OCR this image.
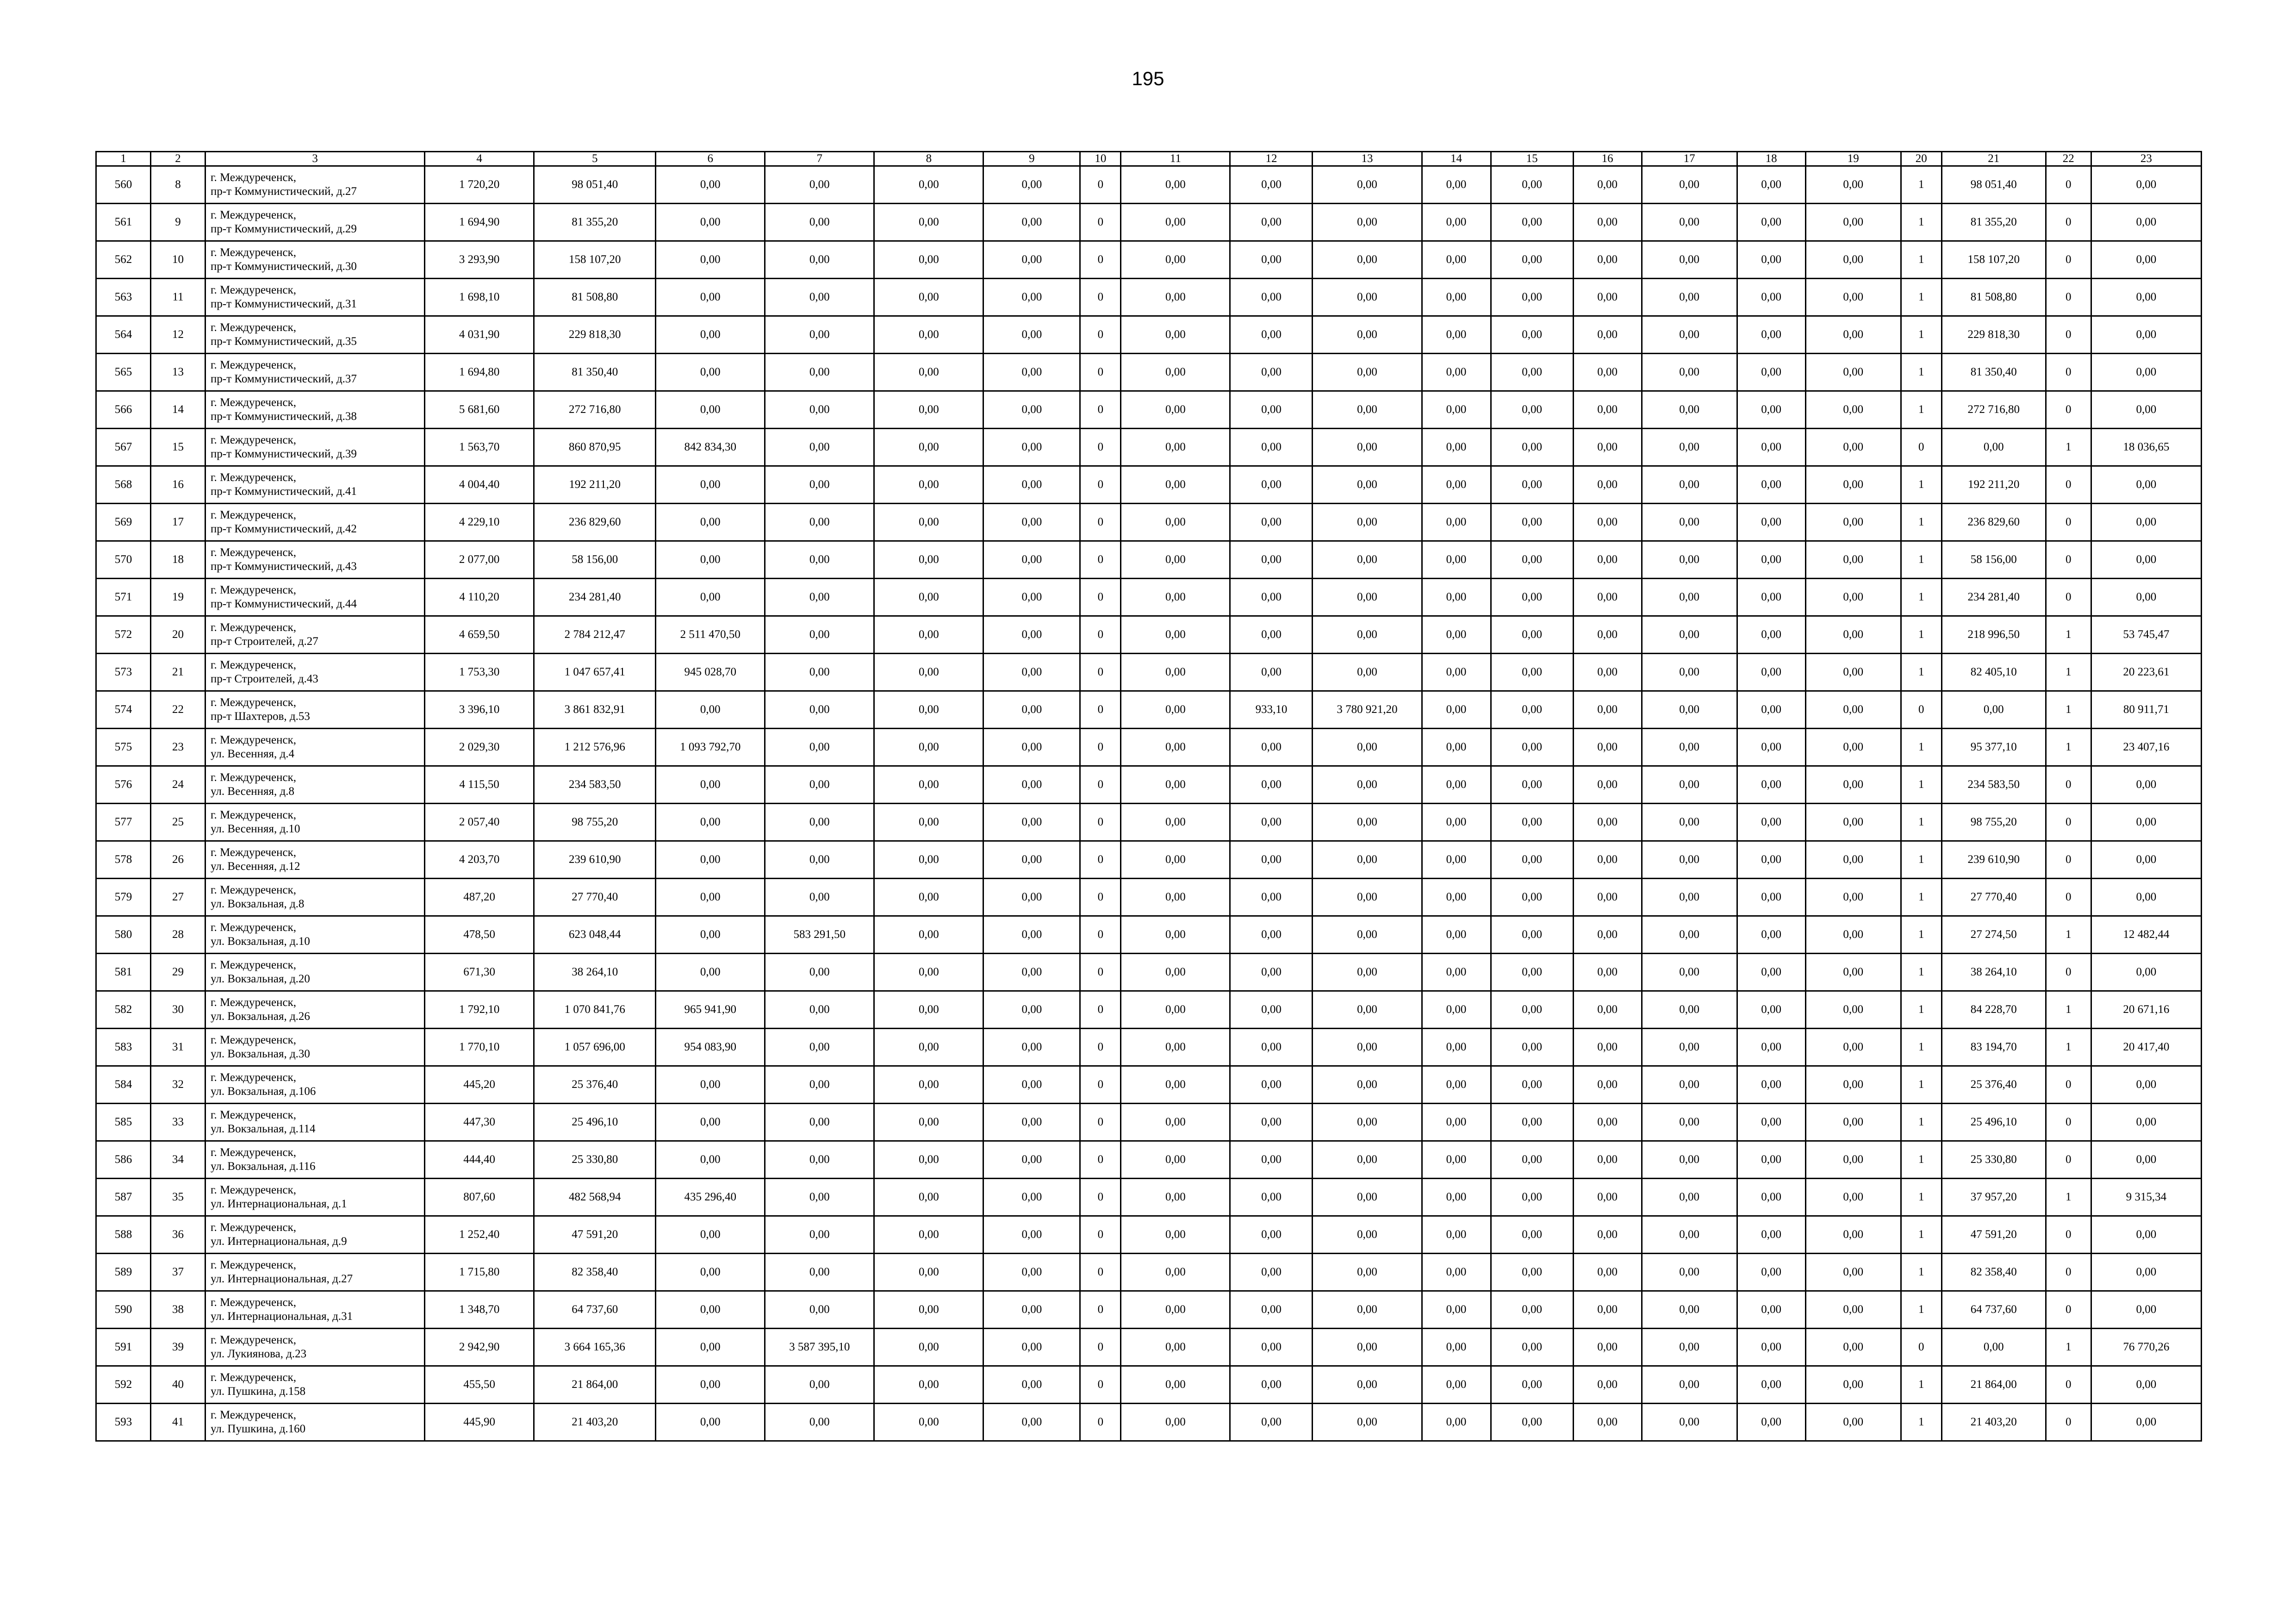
195
1	2	3	4	5	6	7	8	9	10	11	12	13	14	15	16	17	18	19	20	21	22	23
560	8	г. Междуреченск,
пр-т Коммунистический, д.27	1 720,20	98 051,40	0,00	0,00	0,00	0,00	0	0,00	0,00	0,00	0,00	0,00	0,00	0,00	0,00	0,00	1	98 051,40	0	0,00
561	9	г. Междуреченск,
пр-т Коммунистический, д.29	1 694,90	81 355,20	0,00	0,00	0,00	0,00	0	0,00	0,00	0,00	0,00	0,00	0,00	0,00	0,00	0,00	1	81 355,20	0	0,00
562	10	г. Междуреченск,
пр-т Коммунистический, д.30	3 293,90	158 107,20	0,00	0,00	0,00	0,00	0	0,00	0,00	0,00	0,00	0,00	0,00	0,00	0,00	0,00	1	158 107,20	0	0,00
563	11	г. Междуреченск,
пр-т Коммунистический, д.31	1 698,10	81 508,80	0,00	0,00	0,00	0,00	0	0,00	0,00	0,00	0,00	0,00	0,00	0,00	0,00	0,00	1	81 508,80	0	0,00
564	12	г. Междуреченск,
пр-т Коммунистический, д.35	4 031,90	229 818,30	0,00	0,00	0,00	0,00	0	0,00	0,00	0,00	0,00	0,00	0,00	0,00	0,00	0,00	1	229 818,30	0	0,00
565	13	г. Междуреченск,
пр-т Коммунистический, д.37	1 694,80	81 350,40	0,00	0,00	0,00	0,00	0	0,00	0,00	0,00	0,00	0,00	0,00	0,00	0,00	0,00	1	81 350,40	0	0,00
566	14	г. Междуреченск,
пр-т Коммунистический, д.38	5 681,60	272 716,80	0,00	0,00	0,00	0,00	0	0,00	0,00	0,00	0,00	0,00	0,00	0,00	0,00	0,00	1	272 716,80	0	0,00
567	15	г. Междуреченск,
пр-т Коммунистический, д.39	1 563,70	860 870,95	842 834,30	0,00	0,00	0,00	0	0,00	0,00	0,00	0,00	0,00	0,00	0,00	0,00	0,00	0	0,00	1	18 036,65
568	16	г. Междуреченск,
пр-т Коммунистический, д.41	4 004,40	192 211,20	0,00	0,00	0,00	0,00	0	0,00	0,00	0,00	0,00	0,00	0,00	0,00	0,00	0,00	1	192 211,20	0	0,00
569	17	г. Междуреченск,
пр-т Коммунистический, д.42	4 229,10	236 829,60	0,00	0,00	0,00	0,00	0	0,00	0,00	0,00	0,00	0,00	0,00	0,00	0,00	0,00	1	236 829,60	0	0,00
570	18	г. Междуреченск,
пр-т Коммунистический, д.43	2 077,00	58 156,00	0,00	0,00	0,00	0,00	0	0,00	0,00	0,00	0,00	0,00	0,00	0,00	0,00	0,00	1	58 156,00	0	0,00
571	19	г. Междуреченск,
пр-т Коммунистический, д.44	4 110,20	234 281,40	0,00	0,00	0,00	0,00	0	0,00	0,00	0,00	0,00	0,00	0,00	0,00	0,00	0,00	1	234 281,40	0	0,00
572	20	г. Междуреченск,
пр-т Строителей, д.27	4 659,50	2 784 212,47	2 511 470,50	0,00	0,00	0,00	0	0,00	0,00	0,00	0,00	0,00	0,00	0,00	0,00	0,00	1	218 996,50	1	53 745,47
573	21	г. Междуреченск,
пр-т Строителей, д.43	1 753,30	1 047 657,41	945 028,70	0,00	0,00	0,00	0	0,00	0,00	0,00	0,00	0,00	0,00	0,00	0,00	0,00	1	82 405,10	1	20 223,61
574	22	г. Междуреченск,
пр-т Шахтеров, д.53	3 396,10	3 861 832,91	0,00	0,00	0,00	0,00	0	0,00	933,10	3 780 921,20	0,00	0,00	0,00	0,00	0,00	0,00	0	0,00	1	80 911,71
575	23	г. Междуреченск,
ул. Весенняя, д.4	2 029,30	1 212 576,96	1 093 792,70	0,00	0,00	0,00	0	0,00	0,00	0,00	0,00	0,00	0,00	0,00	0,00	0,00	1	95 377,10	1	23 407,16
576	24	г. Междуреченск,
ул. Весенняя, д.8	4 115,50	234 583,50	0,00	0,00	0,00	0,00	0	0,00	0,00	0,00	0,00	0,00	0,00	0,00	0,00	0,00	1	234 583,50	0	0,00
577	25	г. Междуреченск,
ул. Весенняя, д.10	2 057,40	98 755,20	0,00	0,00	0,00	0,00	0	0,00	0,00	0,00	0,00	0,00	0,00	0,00	0,00	0,00	1	98 755,20	0	0,00
578	26	г. Междуреченск,
ул. Весенняя, д.12	4 203,70	239 610,90	0,00	0,00	0,00	0,00	0	0,00	0,00	0,00	0,00	0,00	0,00	0,00	0,00	0,00	1	239 610,90	0	0,00
579	27	г. Междуреченск,
ул. Вокзальная, д.8	487,20	27 770,40	0,00	0,00	0,00	0,00	0	0,00	0,00	0,00	0,00	0,00	0,00	0,00	0,00	0,00	1	27 770,40	0	0,00
580	28	г. Междуреченск,
ул. Вокзальная, д.10	478,50	623 048,44	0,00	583 291,50	0,00	0,00	0	0,00	0,00	0,00	0,00	0,00	0,00	0,00	0,00	0,00	1	27 274,50	1	12 482,44
581	29	г. Междуреченск,
ул. Вокзальная, д.20	671,30	38 264,10	0,00	0,00	0,00	0,00	0	0,00	0,00	0,00	0,00	0,00	0,00	0,00	0,00	0,00	1	38 264,10	0	0,00
582	30	г. Междуреченск,
ул. Вокзальная, д.26	1 792,10	1 070 841,76	965 941,90	0,00	0,00	0,00	0	0,00	0,00	0,00	0,00	0,00	0,00	0,00	0,00	0,00	1	84 228,70	1	20 671,16
583	31	г. Междуреченск,
ул. Вокзальная, д.30	1 770,10	1 057 696,00	954 083,90	0,00	0,00	0,00	0	0,00	0,00	0,00	0,00	0,00	0,00	0,00	0,00	0,00	1	83 194,70	1	20 417,40
584	32	г. Междуреченск,
ул. Вокзальная, д.106	445,20	25 376,40	0,00	0,00	0,00	0,00	0	0,00	0,00	0,00	0,00	0,00	0,00	0,00	0,00	0,00	1	25 376,40	0	0,00
585	33	г. Междуреченск,
ул. Вокзальная, д.114	447,30	25 496,10	0,00	0,00	0,00	0,00	0	0,00	0,00	0,00	0,00	0,00	0,00	0,00	0,00	0,00	1	25 496,10	0	0,00
586	34	г. Междуреченск,
ул. Вокзальная, д.116	444,40	25 330,80	0,00	0,00	0,00	0,00	0	0,00	0,00	0,00	0,00	0,00	0,00	0,00	0,00	0,00	1	25 330,80	0	0,00
587	35	г. Междуреченск,
ул. Интернациональная, д.1	807,60	482 568,94	435 296,40	0,00	0,00	0,00	0	0,00	0,00	0,00	0,00	0,00	0,00	0,00	0,00	0,00	1	37 957,20	1	9 315,34
588	36	г. Междуреченск,
ул. Интернациональная, д.9	1 252,40	47 591,20	0,00	0,00	0,00	0,00	0	0,00	0,00	0,00	0,00	0,00	0,00	0,00	0,00	0,00	1	47 591,20	0	0,00
589	37	г. Междуреченск,
ул. Интернациональная, д.27	1 715,80	82 358,40	0,00	0,00	0,00	0,00	0	0,00	0,00	0,00	0,00	0,00	0,00	0,00	0,00	0,00	1	82 358,40	0	0,00
590	38	г. Междуреченск,
ул. Интернациональная, д.31	1 348,70	64 737,60	0,00	0,00	0,00	0,00	0	0,00	0,00	0,00	0,00	0,00	0,00	0,00	0,00	0,00	1	64 737,60	0	0,00
591	39	г. Междуреченск,
ул. Лукиянова, д.23	2 942,90	3 664 165,36	0,00	3 587 395,10	0,00	0,00	0	0,00	0,00	0,00	0,00	0,00	0,00	0,00	0,00	0,00	0	0,00	1	76 770,26
592	40	г. Междуреченск,
ул. Пушкина, д.158	455,50	21 864,00	0,00	0,00	0,00	0,00	0	0,00	0,00	0,00	0,00	0,00	0,00	0,00	0,00	0,00	1	21 864,00	0	0,00
593	41	г. Междуреченск,
ул. Пушкина, д.160	445,90	21 403,20	0,00	0,00	0,00	0,00	0	0,00	0,00	0,00	0,00	0,00	0,00	0,00	0,00	0,00	1	21 403,20	0	0,00
